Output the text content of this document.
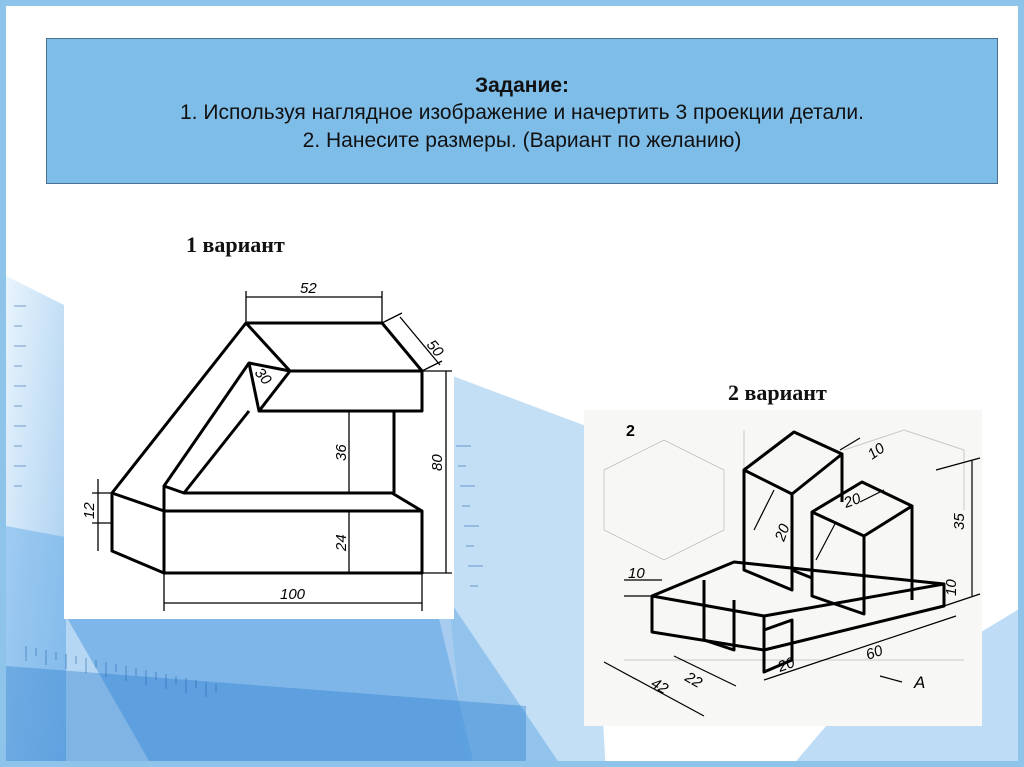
Задание:
1. Используя наглядное изображение и начертить 3 проекции детали.
2. Нанесите размеры. (Вариант по желанию)
1 вариант
52
50
30
36
80
12
24
100
2 вариант
2
10
20
20
35
10
10
20
22
42
60
A
